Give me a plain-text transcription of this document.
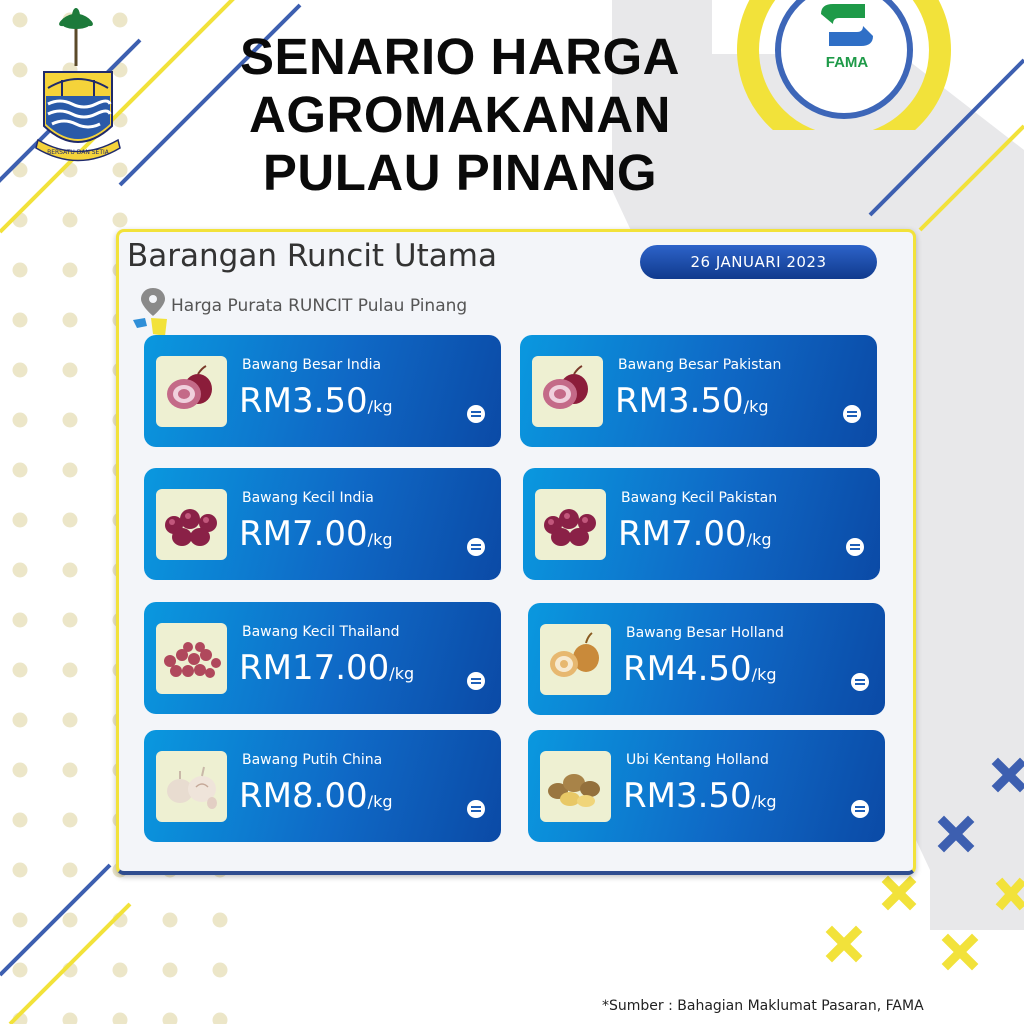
BERSATU DAN SETIA
FAMA
SENARIO HARGA
AGROMAKANAN
PULAU PINANG
Barangan Runcit Utama	26 JANUARI 2023
Harga Purata RUNCIT Pulau Pinang
Bawang Besar India
RM3.50/kg
Bawang Besar Pakistan
RM3.50/kg
Bawang Kecil India
RM7.00/kg
Bawang Kecil Pakistan
RM7.00/kg
Bawang Kecil Thailand
RM17.00/kg
Bawang Besar Holland
RM4.50/kg
Bawang Putih China
RM8.00/kg
Ubi Kentang Holland
RM3.50/kg
*Sumber : Bahagian Maklumat Pasaran, FAMA
